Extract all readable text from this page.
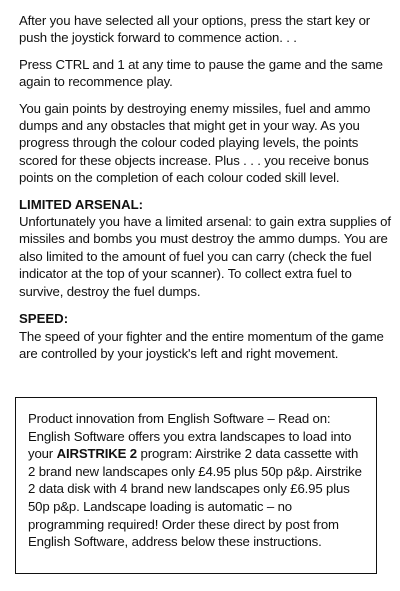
After you have selected all your options, press the start key or push the joystick forward to commence action. . .

Press CTRL and 1 at any time to pause the game and the same again to recommence play.

You gain points by destroying enemy missiles, fuel and ammo dumps and any obstacles that might get in your way. As you progress through the colour coded playing levels, the points scored for these objects increase. Plus . . . you receive bonus points on the completion of each colour coded skill level.

LIMITED ARSENAL:

Unfortunately you have a limited arsenal: to gain extra supplies of missiles and bombs you must destroy the ammo dumps. You are also limited to the amount of fuel you can carry (check the fuel indicator at the top of your scanner). To collect extra fuel to survive, destroy the fuel dumps.

SPEED:

The speed of your fighter and the entire momentum of the game are controlled by your joystick's left and right movement.

Product innovation from English Software – Read on: English Software offers you extra landscapes to load into your AIRSTRIKE 2 program: Airstrike 2 data cassette with 2 brand new landscapes only £4.95 plus 50p p&p. Airstrike 2 data disk with 4 brand new landscapes only £6.95 plus 50p p&p. Landscape loading is automatic – no programming required! Order these direct by post from English Software, address below these instructions.
